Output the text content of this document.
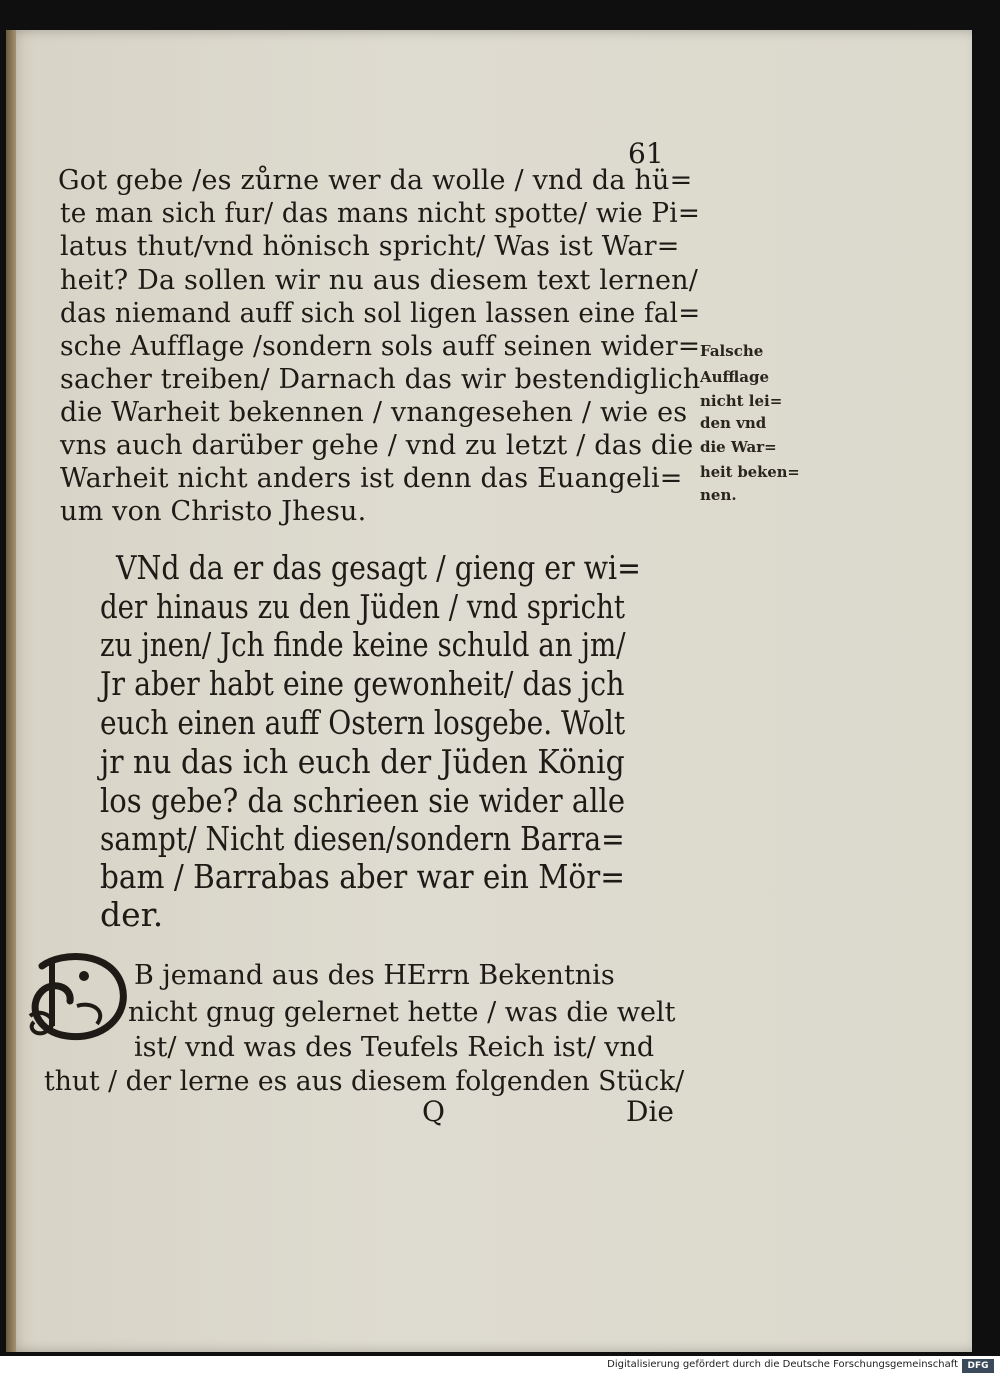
61
Got gebe /es zůrne wer da wolle / vnd da hü=
te man sich fur/ das mans nicht spotte/ wie Pi=
latus thut/vnd hönisch spricht/ Was ist War=
heit? Da sollen wir nu aus diesem text lernen/
das niemand auff sich sol ligen lassen eine fal=
sche Aufflage /sondern sols auff seinen wider=
sacher treiben/ Darnach das wir bestendiglich
die Warheit bekennen / vnangesehen / wie es
vns auch darüber gehe / vnd zu letzt / das die
Warheit nicht anders ist denn das Euangeli=
um von Christo Jhesu.
Falsche
Aufflage
nicht lei=
den vnd
die War=
heit beken=
nen.
VNd da er das gesagt / gieng er wi=
der hinaus zu den Jüden / vnd spricht
zu jnen/ Jch finde keine schuld an jm/
Jr aber habt eine gewonheit/ das jch
euch einen auff Ostern losgebe. Wolt
jr nu das ich euch der Jüden König
los gebe? da schrieen sie wider alle
sampt/ Nicht diesen/sondern Barra=
bam / Barrabas aber war ein Mör=
der.
B jemand aus des HErrn Bekentnis
nicht gnug gelernet hette / was die welt
ist/ vnd was des Teufels Reich ist/ vnd
thut / der lerne es aus diesem folgenden Stück/
Q	Die
Digitalisierung gefördert durch die Deutsche Forschungsgemeinschaft	DFG
